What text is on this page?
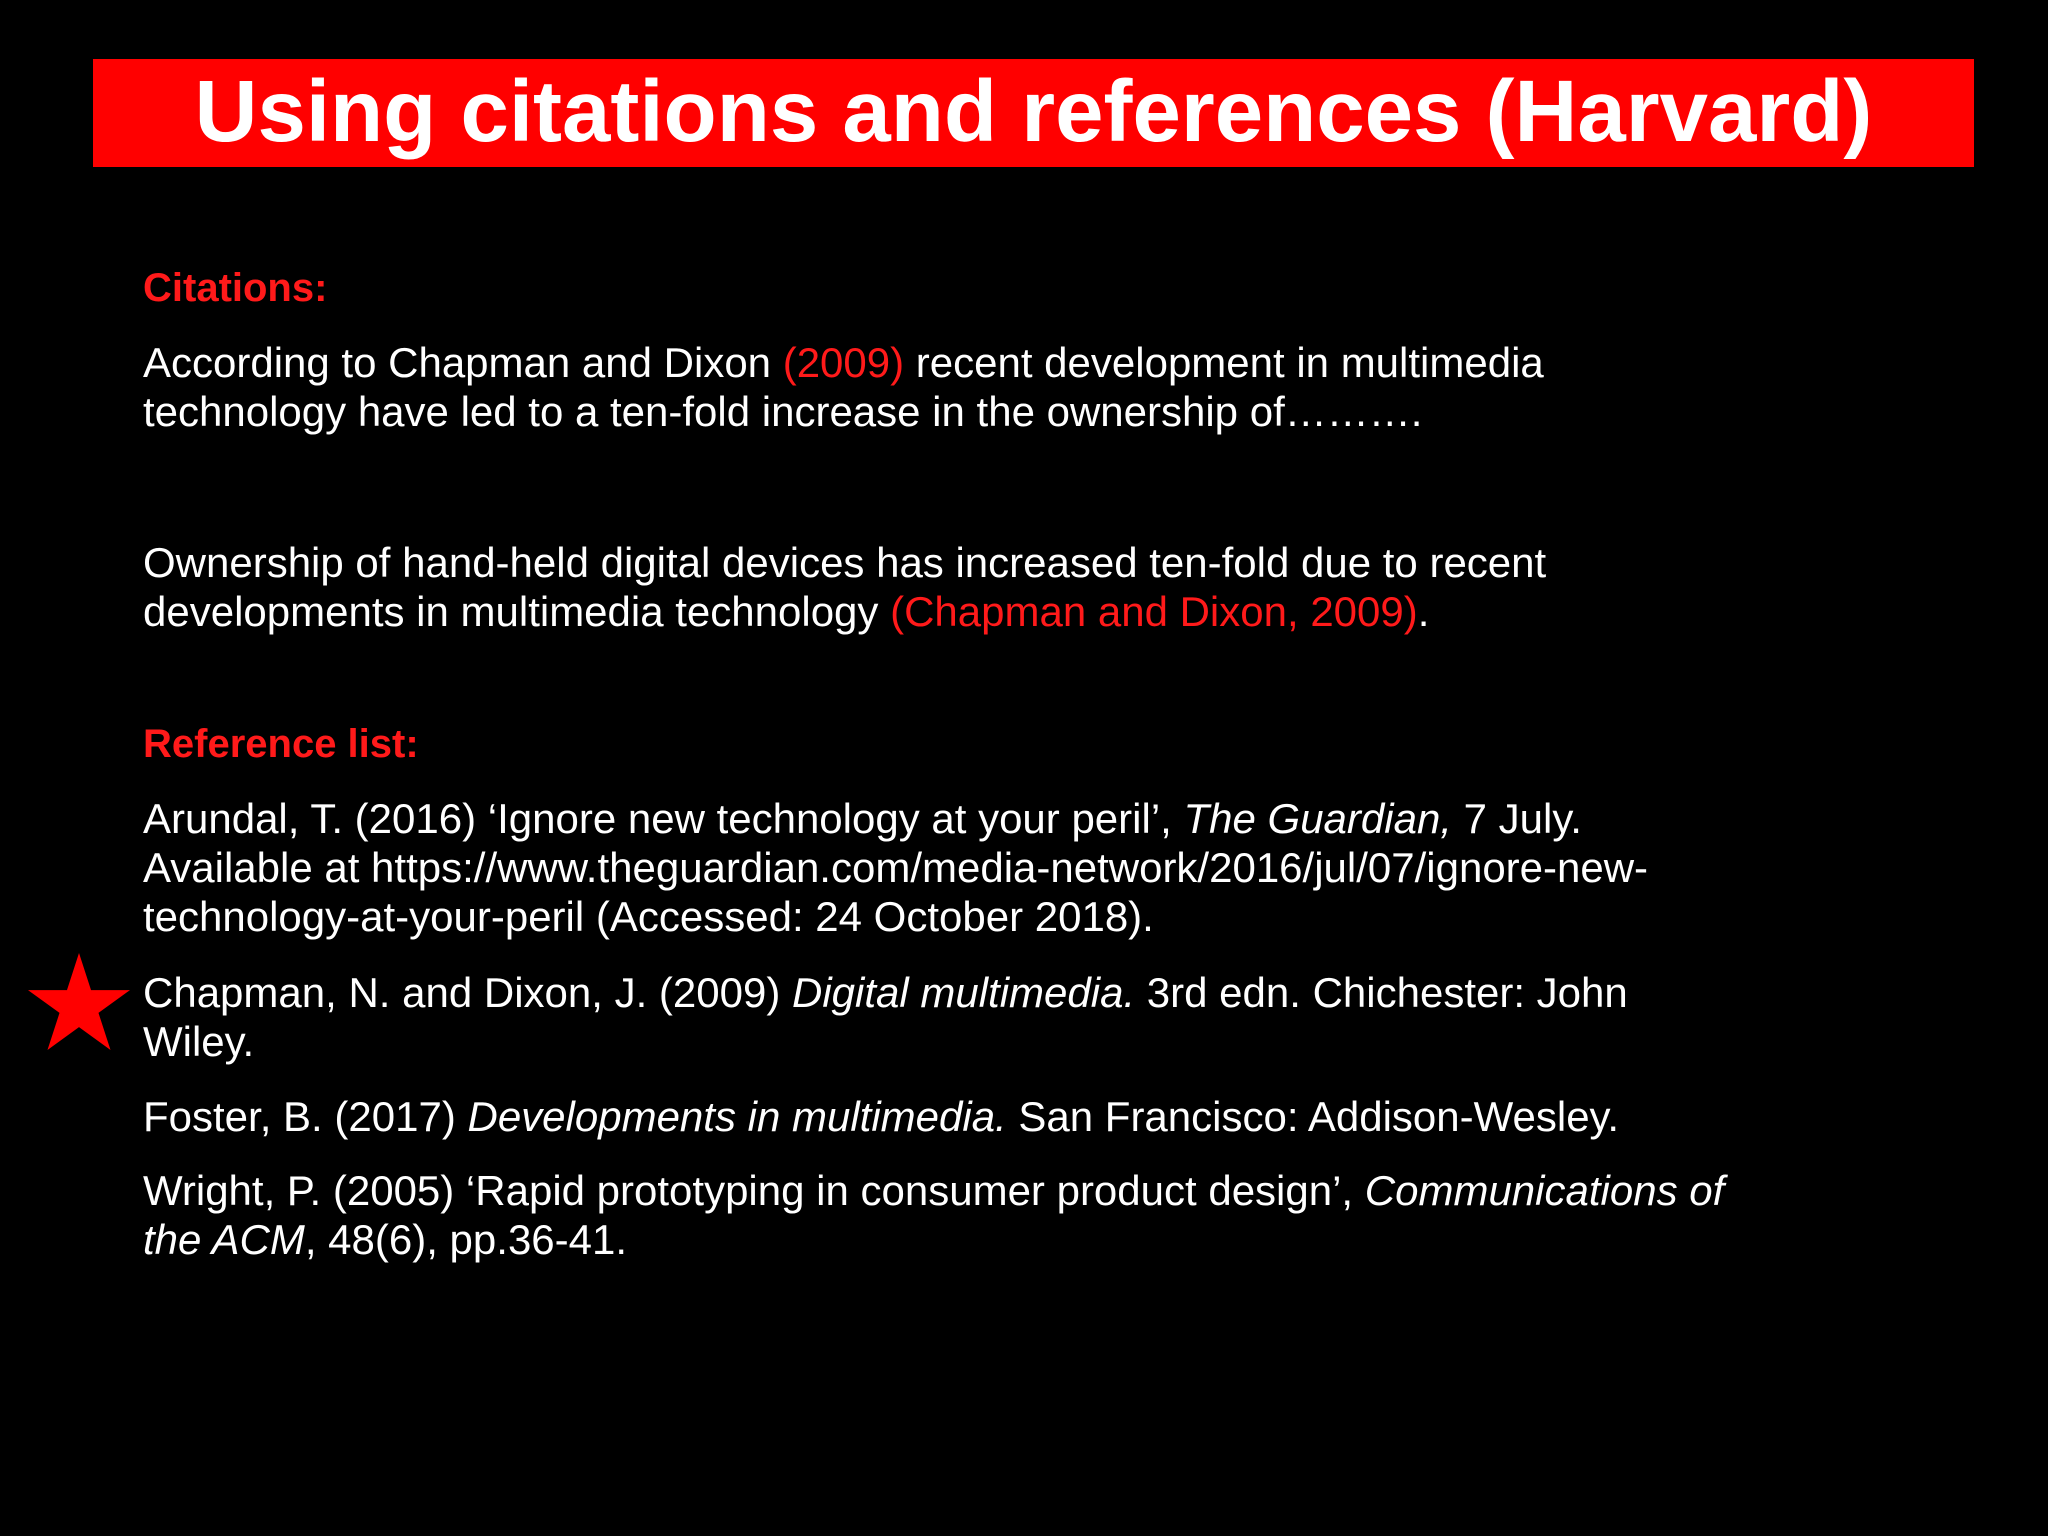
Using citations and references (Harvard)

Citations:

According to Chapman and Dixon (2009) recent development in multimedia

technology have led to a ten-fold increase in the ownership of……….

Ownership of hand-held digital devices has increased ten-fold due to recent

developments in multimedia technology (Chapman and Dixon, 2009).

Reference list:

Arundal, T. (2016) ‘Ignore new technology at your peril’, The Guardian, 7 July.

Available at https://www.theguardian.com/media-network/2016/jul/07/ignore-new-

technology-at-your-peril (Accessed: 24 October 2018).

Chapman, N. and Dixon, J. (2009) Digital multimedia. 3rd edn. Chichester: John

Wiley.

Foster, B. (2017) Developments in multimedia. San Francisco: Addison-Wesley.

Wright, P. (2005) ‘Rapid prototyping in consumer product design’, Communications of

the ACM, 48(6), pp.36-41.
